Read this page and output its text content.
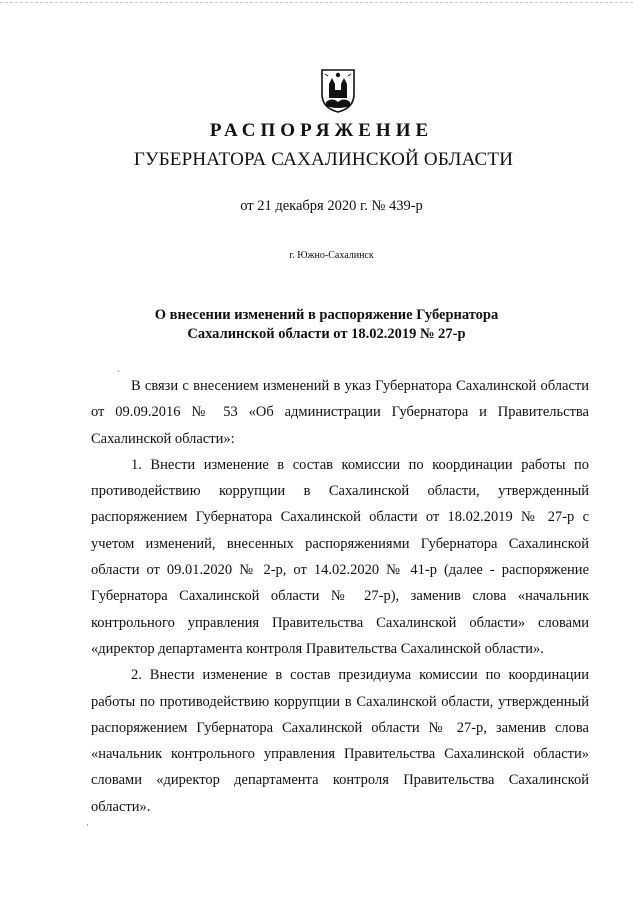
РАСПОРЯЖЕНИЕ
ГУБЕРНАТОРА САХАЛИНСКОЙ ОБЛАСТИ
от 21 декабря 2020 г. № 439-р
г. Южно-Сахалинск
О внесении изменений в распоряжение Губернатора
Сахалинской области от 18.02.2019 № 27-р
ˎ

В связи с внесением изменений в указ Губернатора Сахалинской области от 09.09.2016 № 53 «Об администрации Губернатора и Правительства Сахалинской области»:

1. Внести изменение в состав комиссии по координации работы по противодействию коррупции в Сахалинской области, утвержденный распоряжением Губернатора Сахалинской области от 18.02.2019 № 27-р с учетом изменений, внесенных распоряжениями Губернатора Сахалинской области от 09.01.2020 № 2-р, от 14.02.2020 № 41-р (далее - распоряжение Губернатора Сахалинской области № 27-р), заменив слова «начальник контрольного управления Правительства Сахалинской области» словами «директор департамента контроля Правительства Сахалинской области».

2. Внести изменение в состав президиума комиссии по координации работы по противодействию коррупции в Сахалинской области, утвержденный распоряжением Губернатора Сахалинской области № 27-р, заменив слова «начальник контрольного управления Правительства Сахалинской области» словами «директор департамента контроля Правительства Сахалинской области».

·
